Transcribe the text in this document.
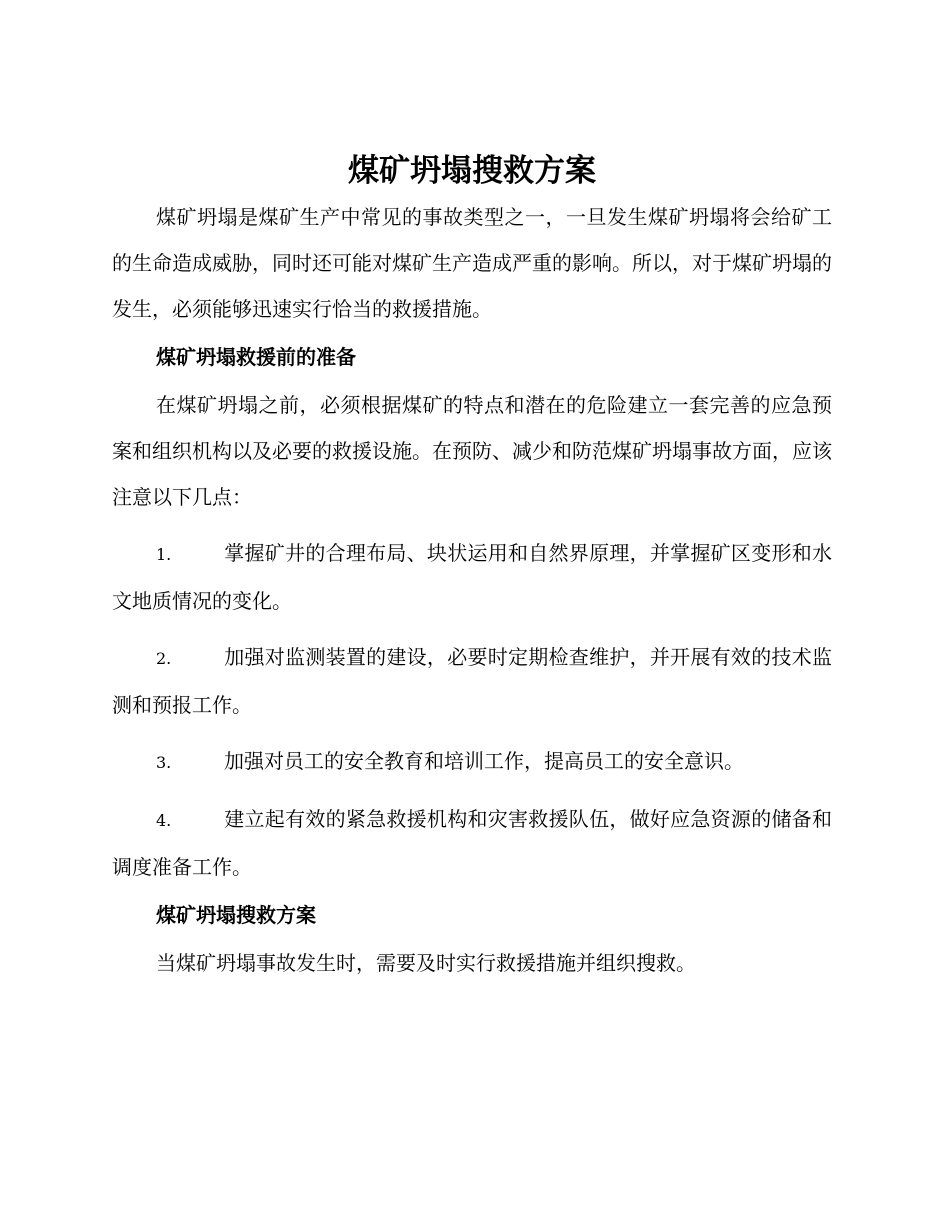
煤矿坍塌搜救方案

煤矿坍塌是煤矿生产中常见的事故类型之一，一旦发生煤矿坍塌将会给矿工的生命造成威胁，同时还可能对煤矿生产造成严重的影响。所以，对于煤矿坍塌的发生，必须能够迅速实行恰当的救援措施。

煤矿坍塌救援前的准备

在煤矿坍塌之前，必须根据煤矿的特点和潜在的危险建立一套完善的应急预案和组织机构以及必要的救援设施。在预防、减少和防范煤矿坍塌事故方面，应该注意以下几点：

1.	掌握矿井的合理布局、块状运用和自然界原理，并掌握矿区变形和水文地质情况的变化。

2.	加强对监测装置的建设，必要时定期检查维护，并开展有效的技术监测和预报工作。

3.	加强对员工的安全教育和培训工作，提高员工的安全意识。

4.	建立起有效的紧急救援机构和灾害救援队伍，做好应急资源的储备和调度准备工作。

煤矿坍塌搜救方案

当煤矿坍塌事故发生时，需要及时实行救援措施并组织搜救。
